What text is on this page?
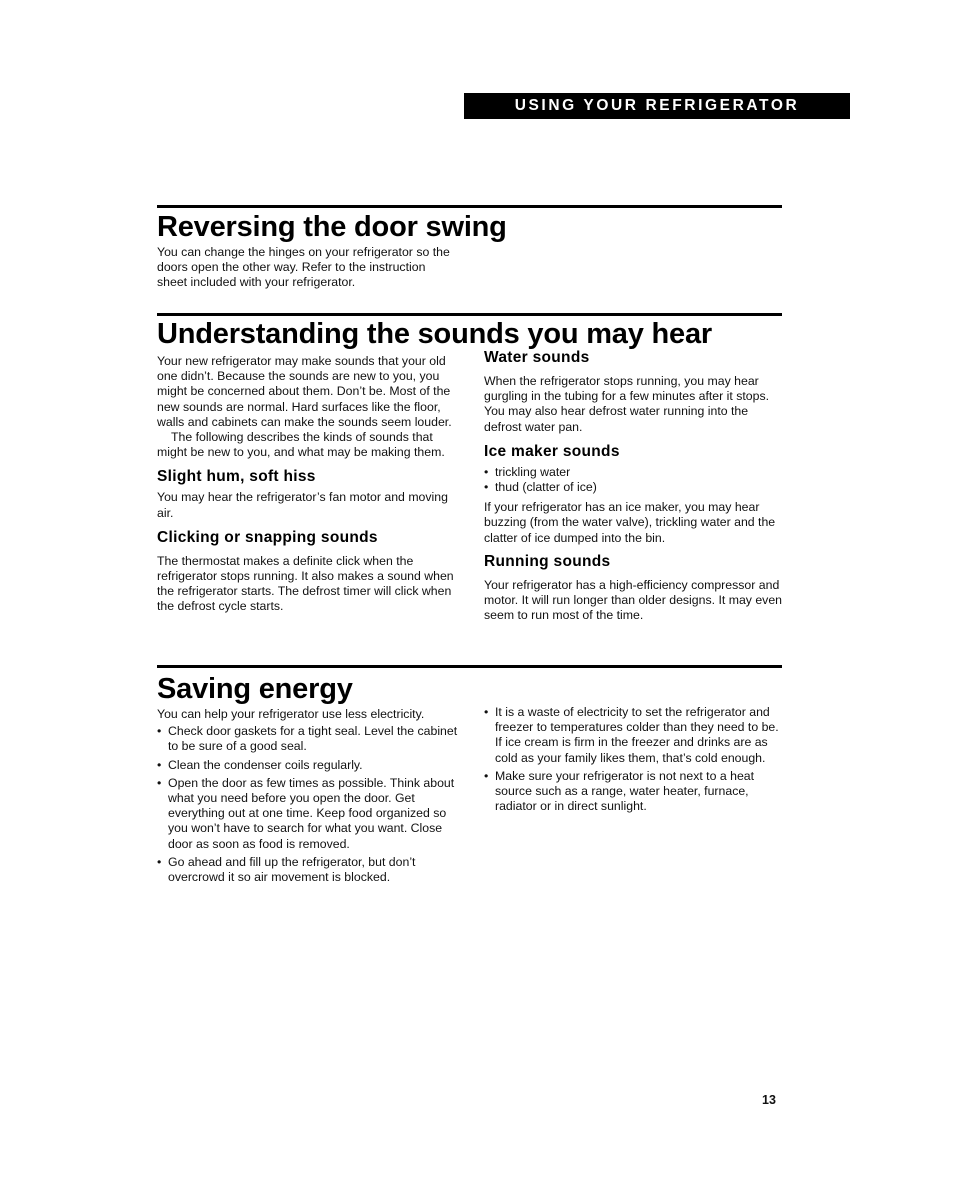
USING YOUR REFRIGERATOR
Reversing the door swing

You can change the hinges on your refrigerator so the doors open the other way. Refer to the instruction sheet included with your refrigerator.

Understanding the sounds you may hear

Your new refrigerator may make sounds that your old one didn’t. Because the sounds are new to you, you might be concerned about them. Don’t be. Most of the new sounds are normal. Hard surfaces like the floor, walls and cabinets can make the sounds seem louder.

The following describes the kinds of sounds that might be new to you, and what may be making them.

Slight hum, soft hiss

You may hear the refrigerator’s fan motor and moving air.

Clicking or snapping sounds

The thermostat makes a definite click when the refrigerator stops running. It also makes a sound when the refrigerator starts. The defrost timer will click when the defrost cycle starts.

Water sounds

When the refrigerator stops running, you may hear gurgling in the tubing for a few minutes after it stops. You may also hear defrost water running into the defrost water pan.

Ice maker sounds
• trickling water
• thud (clatter of ice)

If your refrigerator has an ice maker, you may hear buzzing (from the water valve), trickling water and the clatter of ice dumped into the bin.

Running sounds

Your refrigerator has a high-efficiency compressor and motor. It will run longer than older designs. It may even seem to run most of the time.

Saving energy

You can help your refrigerator use less electricity.

• Check door gaskets for a tight seal. Level the cabinet to be sure of a good seal.
• Clean the condenser coils regularly.
• Open the door as few times as possible. Think about what you need before you open the door. Get everything out at one time. Keep food organized so you won’t have to search for what you want. Close door as soon as food is removed.
• Go ahead and fill up the refrigerator, but don’t overcrowd it so air movement is blocked.
• It is a waste of electricity to set the refrigerator and freezer to temperatures colder than they need to be. If ice cream is firm in the freezer and drinks are as cold as your family likes them, that’s cold enough.
• Make sure your refrigerator is not next to a heat source such as a range, water heater, furnace, radiator or in direct sunlight.
13
